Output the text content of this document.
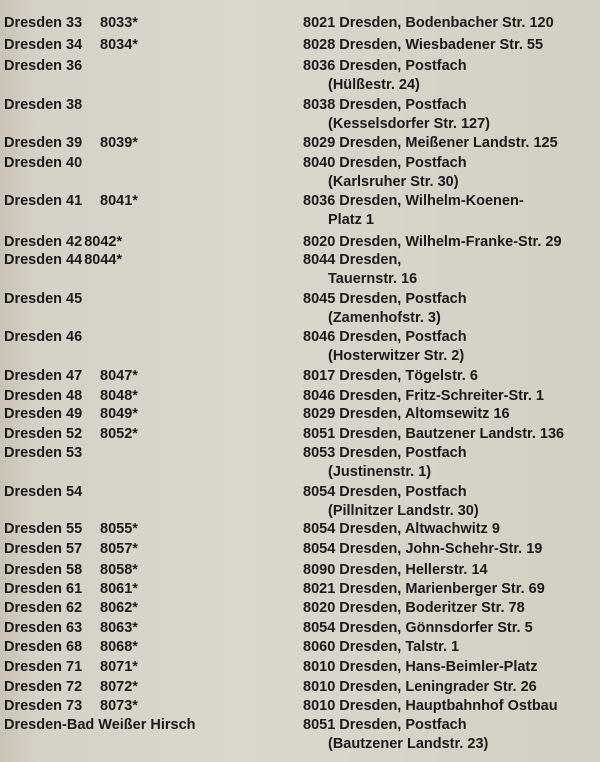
Dresden 33 8033*	8021 Dresden, Bodenbacher Str. 120
Dresden 34 8034*	8028 Dresden, Wiesbadener Str. 55
Dresden 36	8036 Dresden, Postfach
(Hülßestr. 24)
Dresden 38	8038 Dresden, Postfach
(Kesselsdorfer Str. 127)
Dresden 39 8039*	8029 Dresden, Meißener Landstr. 125
Dresden 40	8040 Dresden, Postfach
(Karlsruher Str. 30)
Dresden 41 8041*	8036 Dresden, Wilhelm-Koenen-
Platz 1
Dresden 42 8042*	8020 Dresden, Wilhelm-Franke-Str. 29
Dresden 44 8044*	8044 Dresden,
Tauernstr. 16
Dresden 45	8045 Dresden, Postfach
(Zamenhofstr. 3)
Dresden 46	8046 Dresden, Postfach
(Hosterwitzer Str. 2)
Dresden 47 8047*	8017 Dresden, Tögelstr. 6
Dresden 48 8048*	8046 Dresden, Fritz-Schreiter-Str. 1
Dresden 49 8049*	8029 Dresden, Altomsewitz 16
Dresden 52 8052*	8051 Dresden, Bautzener Landstr. 136
Dresden 53	8053 Dresden, Postfach
(Justinenstr. 1)
Dresden 54	8054 Dresden, Postfach
(Pillnitzer Landstr. 30)
Dresden 55 8055*	8054 Dresden, Altwachwitz 9
Dresden 57 8057*	8054 Dresden, John-Schehr-Str. 19
Dresden 58 8058*	8090 Dresden, Hellerstr. 14
Dresden 61 8061*	8021 Dresden, Marienberger Str. 69
Dresden 62 8062*	8020 Dresden, Boderitzer Str. 78
Dresden 63 8063*	8054 Dresden, Gönnsdorfer Str. 5
Dresden 68 8068*	8060 Dresden, Talstr. 1
Dresden 71 8071*	8010 Dresden, Hans-Beimler-Platz
Dresden 72 8072*	8010 Dresden, Leningrader Str. 26
Dresden 73 8073*	8010 Dresden, Hauptbahnhof Ostbau
Dresden-Bad Weißer Hirsch	8051 Dresden, Postfach
(Bautzener Landstr. 23)
